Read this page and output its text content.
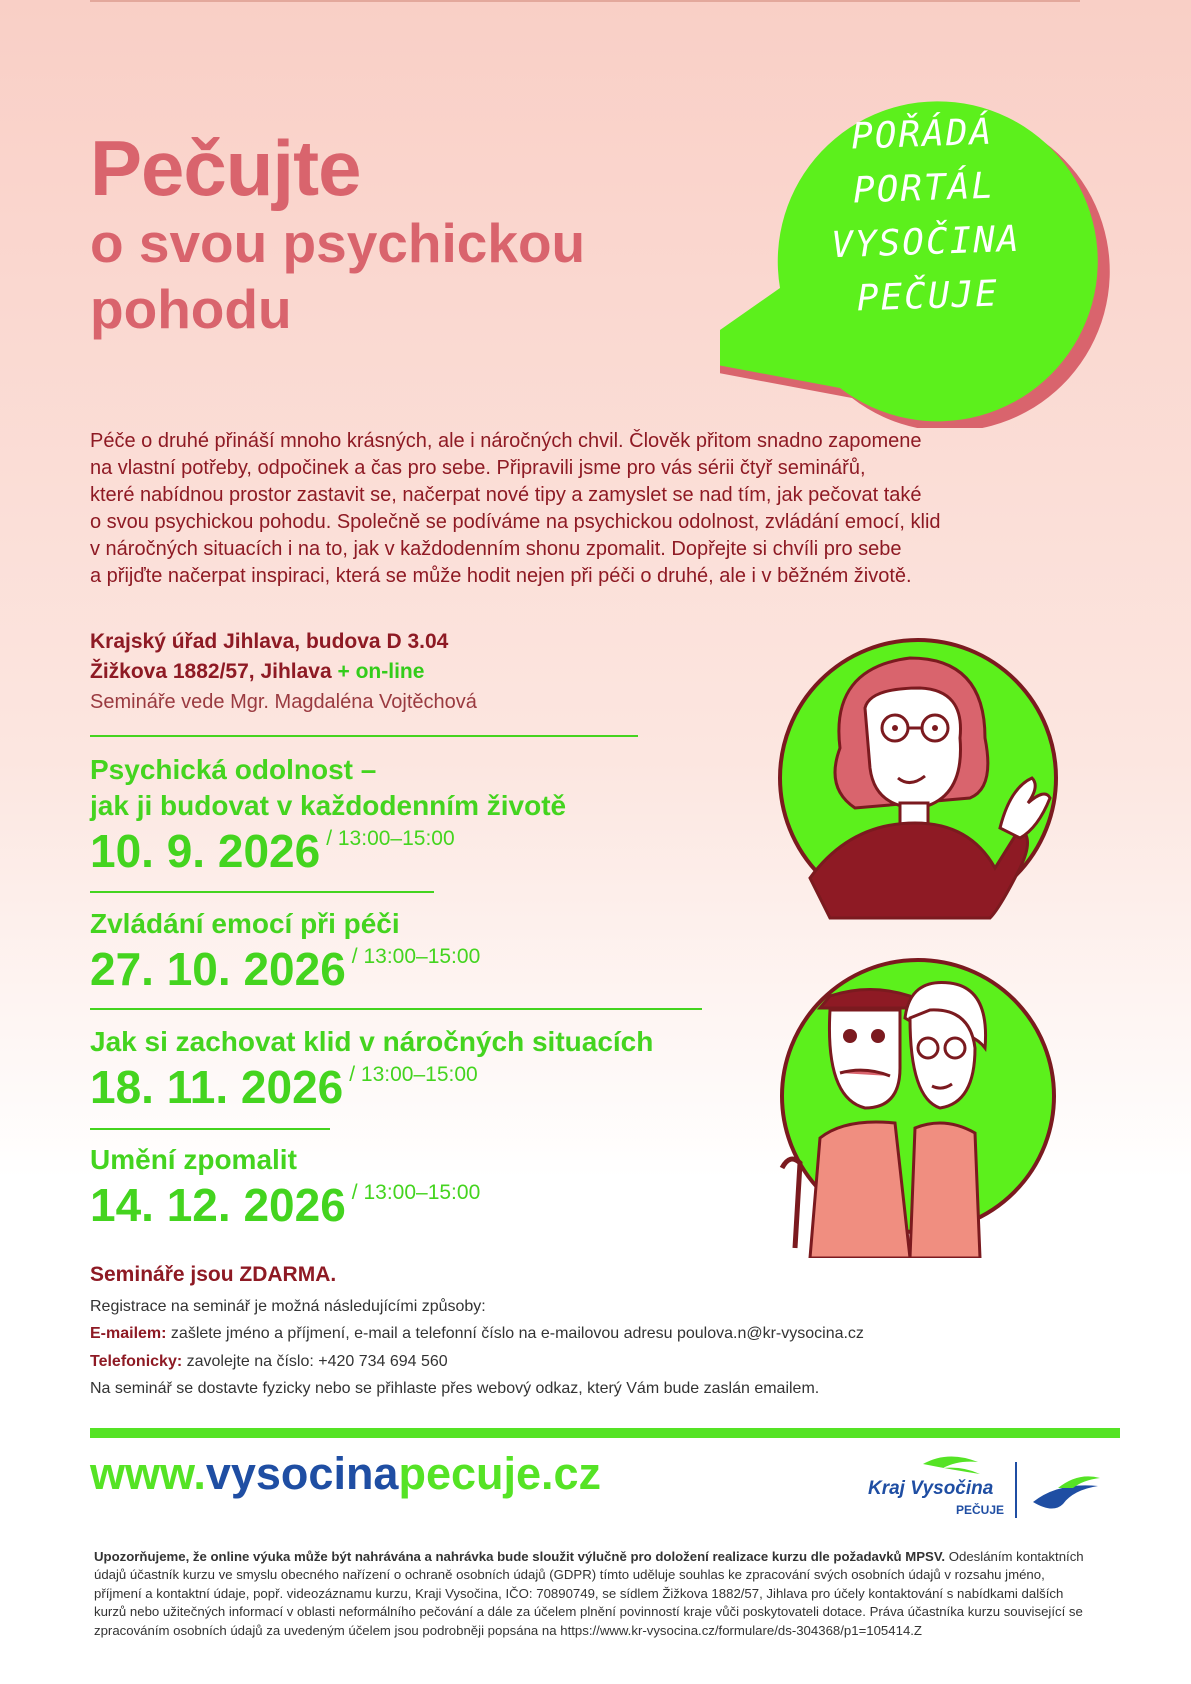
Pečujte
o svou psychickou
pohodu
POŘÁDÁ
PORTÁL
VYSOČINA
PEČUJE
Péče o druhé přináší mnoho krásných, ale i náročných chvil. Člověk přitom snadno zapomene
na vlastní potřeby, odpočinek a čas pro sebe. Připravili jsme pro vás sérii čtyř seminářů,
které nabídnou prostor zastavit se, načerpat nové tipy a zamyslet se nad tím, jak pečovat také
o svou psychickou pohodu. Společně se podíváme na psychickou odolnost, zvládání emocí, klid
v náročných situacích i na to, jak v každodenním shonu zpomalit. Dopřejte si chvíli pro sebe
a přijďte načerpat inspiraci, která se může hodit nejen při péči o druhé, ale i v běžném životě.
Krajský úřad Jihlava, budova D 3.04
Žižkova 1882/57, Jihlava + on-line
Semináře vede Mgr. Magdaléna Vojtěchová
Psychická odolnost –
jak ji budovat v každodenním životě
10. 9. 2026 $^{/ 13:00-15:00}$
Zvládání emocí při péči
27. 10. 2026 $^{/ 13:00-15:00}$
Jak si zachovat klid v náročných situacích
18. 11. 2026 $^{/ 13:00-15:00}$
Umění zpomalit
14. 12. 2026 $^{/ 13:00-15:00}$
Semináře jsou ZDARMA.
Registrace na seminář je možná následujícími způsoby:
E-mailem: zašlete jméno a příjmení, e-mail a telefonní číslo na e-mailovou adresu poulova.n@kr-vysocina.cz
Telefonicky: zavolejte na číslo: +420 734 694 560
Na seminář se dostavte fyzicky nebo se přihlaste přes webový odkaz, který Vám bude zaslán emailem.
www.vysocinapecuje.cz	Kraj Vysočina
PEČUJE

Upozorňujeme, že online výuka může být nahrávána a nahrávka bude sloužit výlučně pro doložení realizace kurzu dle požadavků MPSV. Odesláním kontaktních údajů účastník kurzu ve smyslu obecného nařízení o ochraně osobních údajů (GDPR) tímto uděluje souhlas ke zpracování svých osobních údajů v rozsahu jméno, příjmení a kontaktní údaje, popř. videozáznamu kurzu, Kraji Vysočina, IČO: 70890749, se sídlem Žižkova 1882/57, Jihlava pro účely kontaktování s nabídkami dalších kurzů nebo užitečných informací v oblasti neformálního pečování a dále za účelem plnění povinností kraje vůči poskytovateli dotace. Práva účastníka kurzu související se zpracováním osobních údajů za uvedeným účelem jsou podrobněji popsána na https://www.kr-vysocina.cz/formulare/ds-304368/p1=105414.Z
